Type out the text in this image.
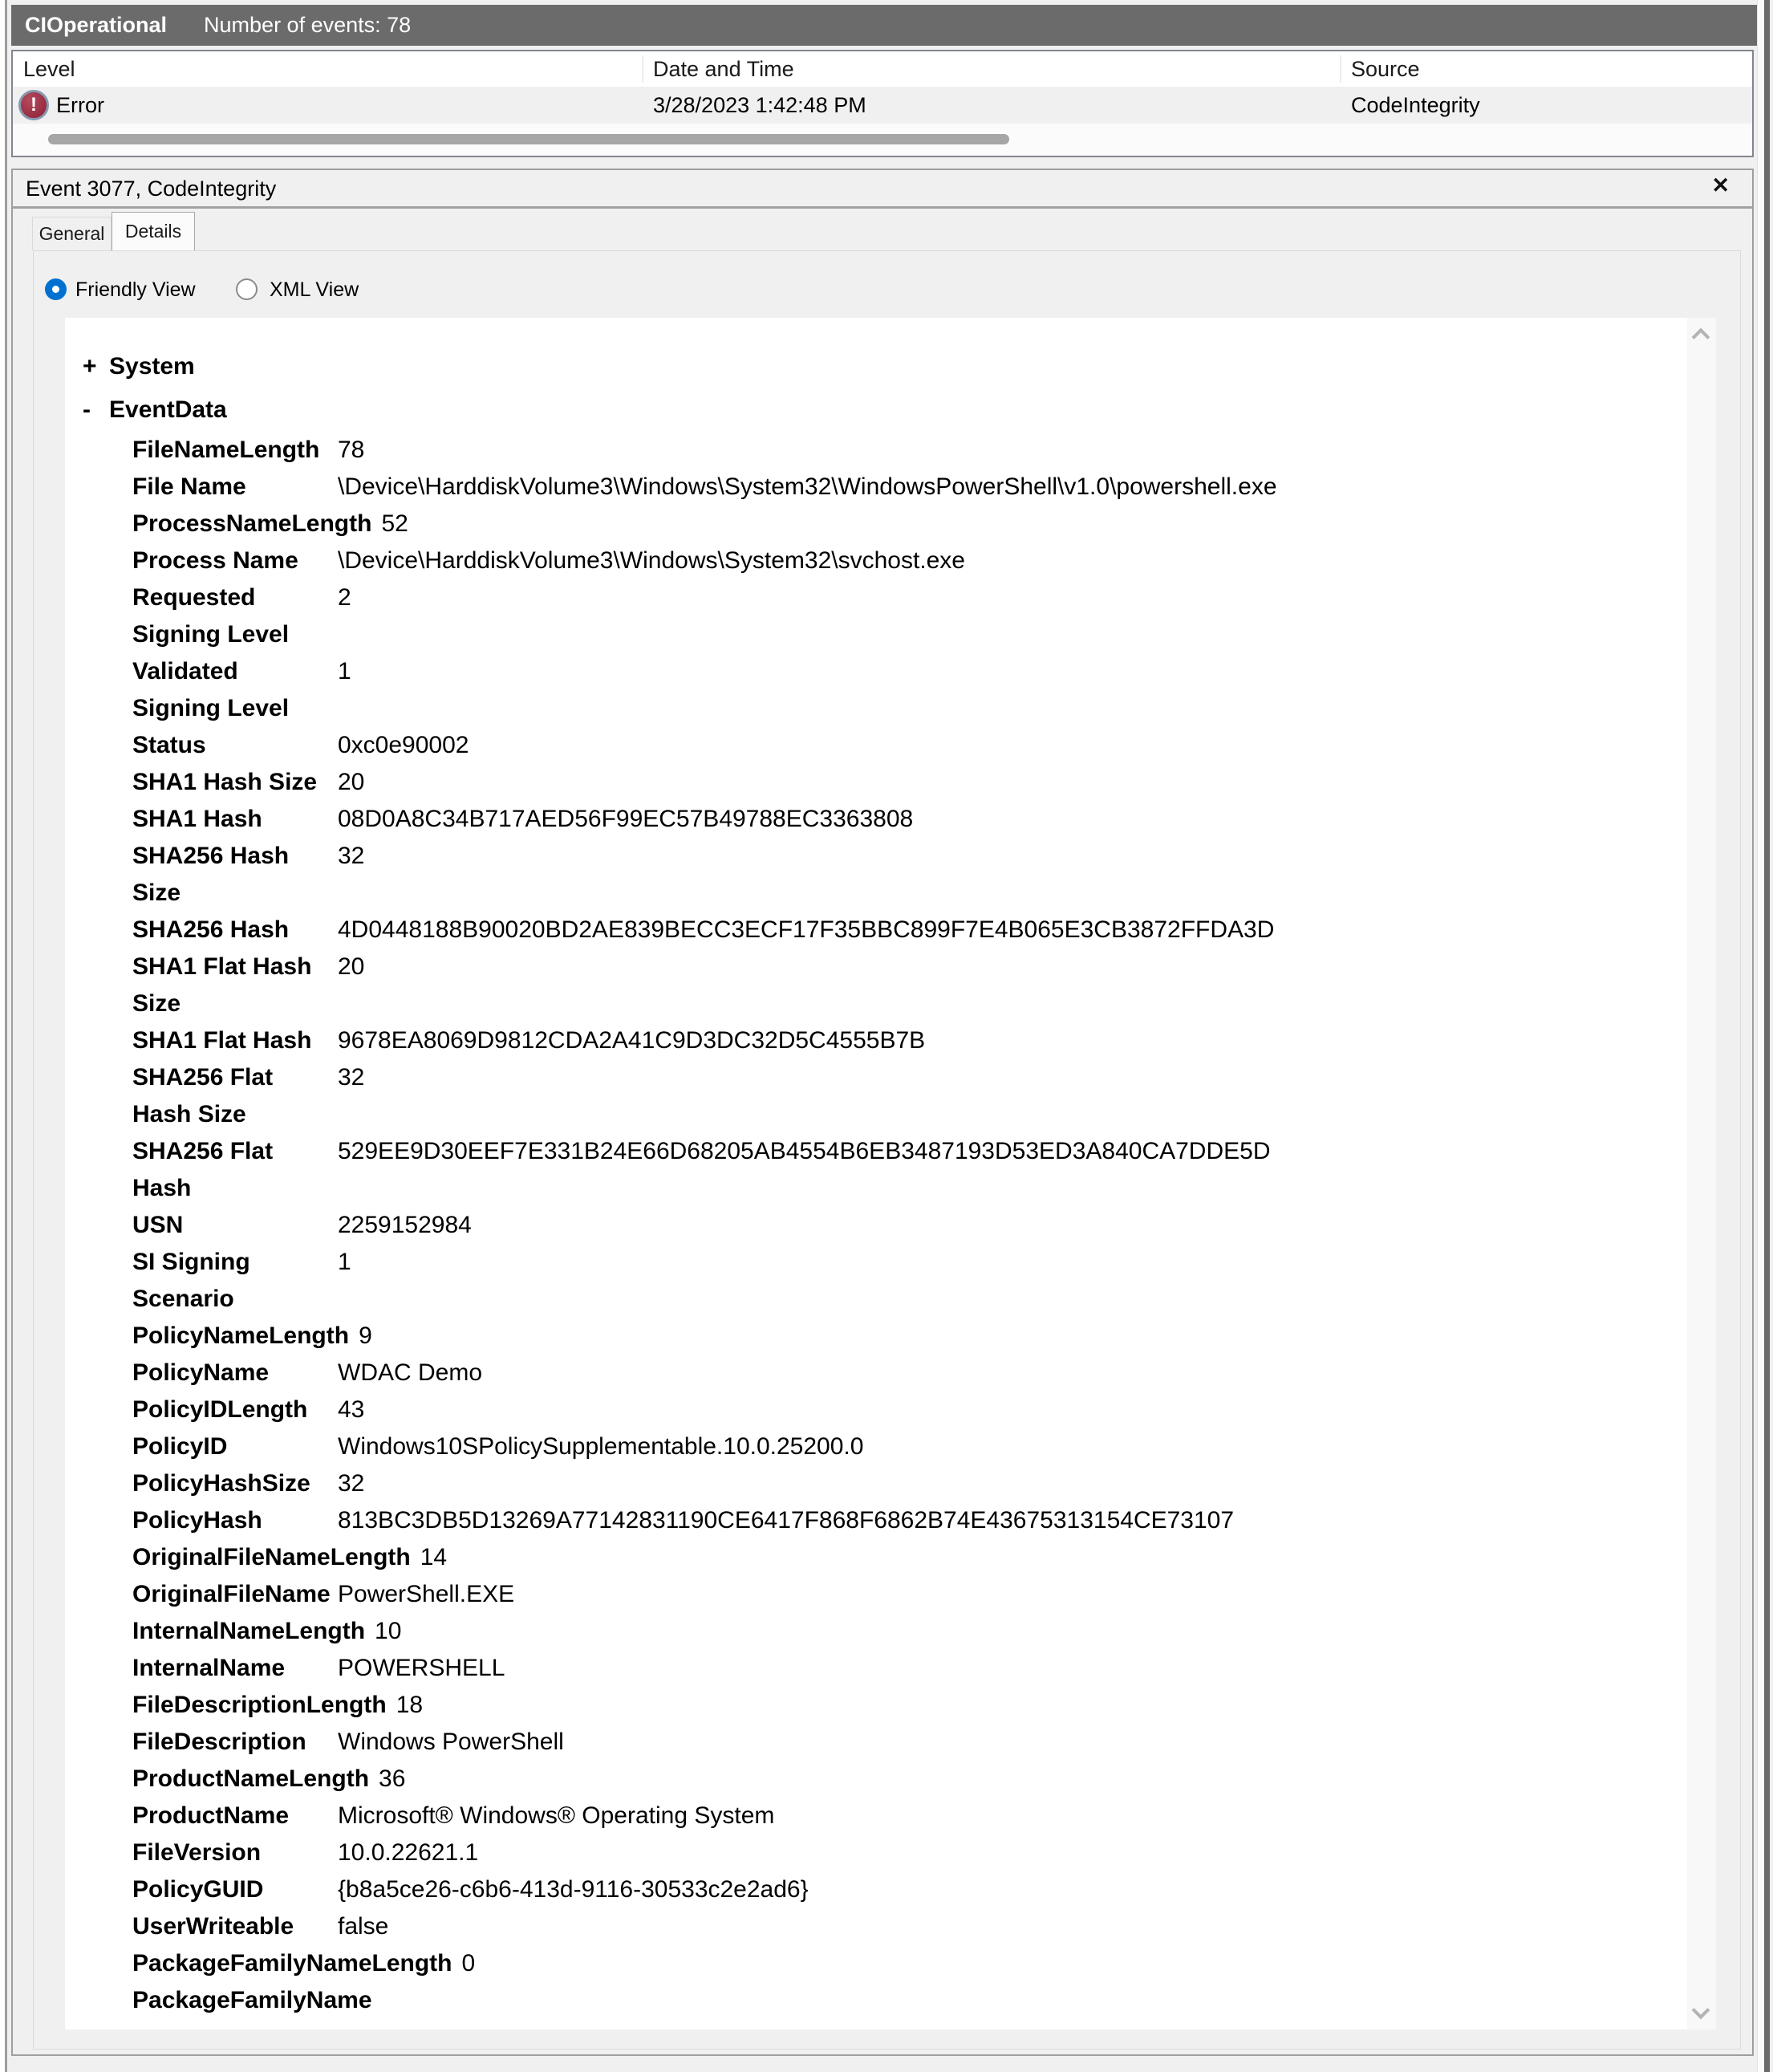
CIOperational Number of events: 78
Level	Date and Time	Source
! Error	3/28/2023 1:42:48 PM	CodeIntegrity
Event 3077, CodeIntegrity	✕
General	Details
Friendly View	XML View
+ System
- EventData
FileNameLength 78
File Name	\Device\HarddiskVolume3\Windows\System32\WindowsPowerShell\v1.0\powershell.exe
ProcessNameLength 52
Process Name	\Device\HarddiskVolume3\Windows\System32\svchost.exe
Requested Signing Level
2
Validated Signing Level
1
Status	0xc0e90002
SHA1 Hash Size 20
SHA1 Hash	08D0A8C34B717AED56F99EC57B49788EC3363808
SHA256 Hash Size
32
SHA256 Hash	4D0448188B90020BD2AE839BECC3ECF17F35BBC899F7E4B065E3CB3872FFDA3D
SHA1 Flat Hash Size
20
SHA1 Flat Hash	9678EA8069D9812CDA2A41C9D3DC32D5C4555B7B
SHA256 Flat Hash Size
32
SHA256 Flat Hash
529EE9D30EEF7E331B24E66D68205AB4554B6EB3487193D53ED3A840CA7DDE5D
USN	2259152984
SI Signing Scenario
1
PolicyNameLength 9
PolicyName	WDAC Demo
PolicyIDLength	43
PolicyID	Windows10SPolicySupplementable.10.0.25200.0
PolicyHashSize	32
PolicyHash	813BC3DB5D13269A77142831190CE6417F868F6862B74E43675313154CE73107
OriginalFileNameLength 14
OriginalFileName PowerShell.EXE
InternalNameLength 10
InternalName	POWERSHELL
FileDescriptionLength 18
FileDescription	Windows PowerShell
ProductNameLength 36
ProductName	Microsoft® Windows® Operating System
FileVersion	10.0.22621.1
PolicyGUID	{b8a5ce26-c6b6-413d-9116-30533c2e2ad6}
UserWriteable	false
PackageFamilyNameLength 0
PackageFamilyName
